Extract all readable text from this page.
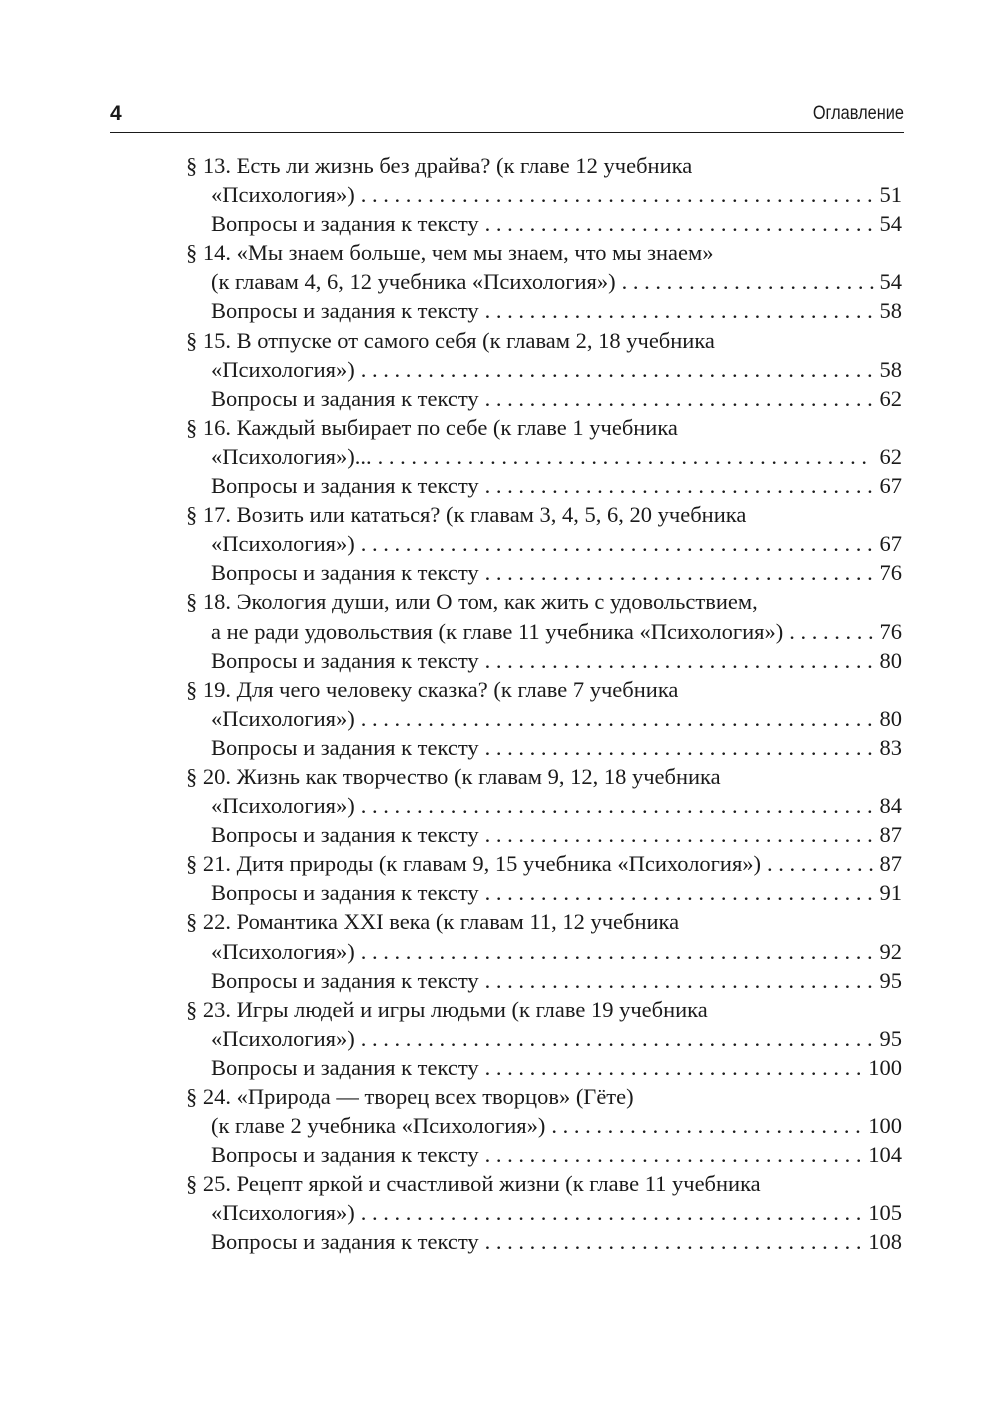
4	Оглавление
§ 13. Есть ли жизнь без драйва? (к главе 12 учебника
«Психология») . . .	51
Вопросы и задания к тексту . . .	54
§ 14. «Мы знаем больше, чем мы знаем, что мы знаем»
(к главам 4, 6, 12 учебника «Психология») . . .	54
Вопросы и задания к тексту . . .	58
§ 15. В отпуске от самого себя (к главам 2, 18 учебника
«Психология») . . .	58
Вопросы и задания к тексту . . .	62
§ 16. Каждый выбирает по себе (к главе 1 учебника
«Психология»)... . . .	62
Вопросы и задания к тексту . . .	67
§ 17. Возить или кататься? (к главам 3, 4, 5, 6, 20 учебника
«Психология») . . .	67
Вопросы и задания к тексту . . .	76
§ 18. Экология души, или О том, как жить с удовольствием,
а не ради удовольствия (к главе 11 учебника «Психология») . . .	76
Вопросы и задания к тексту . . .	80
§ 19. Для чего человеку сказка? (к главе 7 учебника
«Психология») . . .	80
Вопросы и задания к тексту . . .	83
§ 20. Жизнь как творчество (к главам 9, 12, 18 учебника
«Психология») . . .	84
Вопросы и задания к тексту . . .	87
§ 21. Дитя природы (к главам 9, 15 учебника «Психология») . . .	87
Вопросы и задания к тексту . . .	91
§ 22. Романтика XXI века (к главам 11, 12 учебника
«Психология») . . .	92
Вопросы и задания к тексту . . .	95
§ 23. Игры людей и игры людьми (к главе 19 учебника
«Психология») . . .	95
Вопросы и задания к тексту . . .	100
§ 24. «Природа — творец всех творцов» (Гёте)
(к главе 2 учебника «Психология») . . .	100
Вопросы и задания к тексту . . .	104
§ 25. Рецепт яркой и счастливой жизни (к главе 11 учебника
«Психология») . . .	105
Вопросы и задания к тексту . . .	108
